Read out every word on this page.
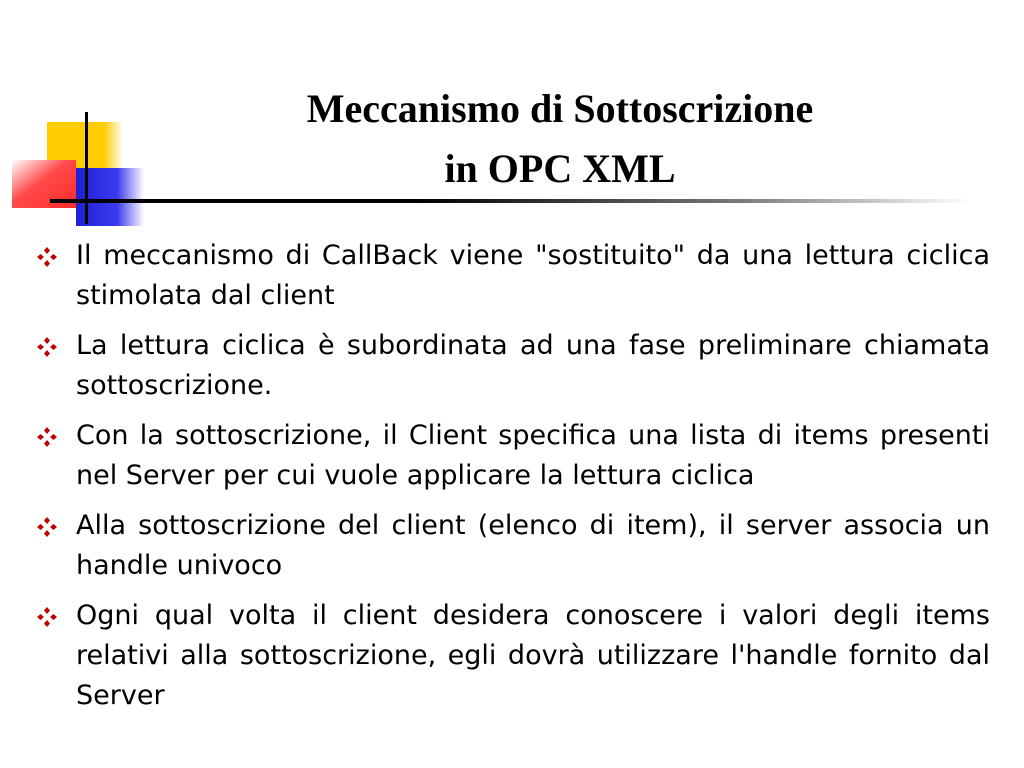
Meccanismo di Sottoscrizione
in OPC XML
Il meccanismo di CallBack viene "sostituito" da una lettura ciclica stimolata dal client
La lettura ciclica è subordinata ad una fase preliminare chiamata sottoscrizione.
Con la sottoscrizione, il Client specifica una lista di items presenti nel Server per cui vuole applicare la lettura ciclica
Alla sottoscrizione del client (elenco di item), il server associa un handle univoco
Ogni qual volta il client desidera conoscere i valori degli items relativi alla sottoscrizione, egli dovrà utilizzare l'handle fornito dal Server
